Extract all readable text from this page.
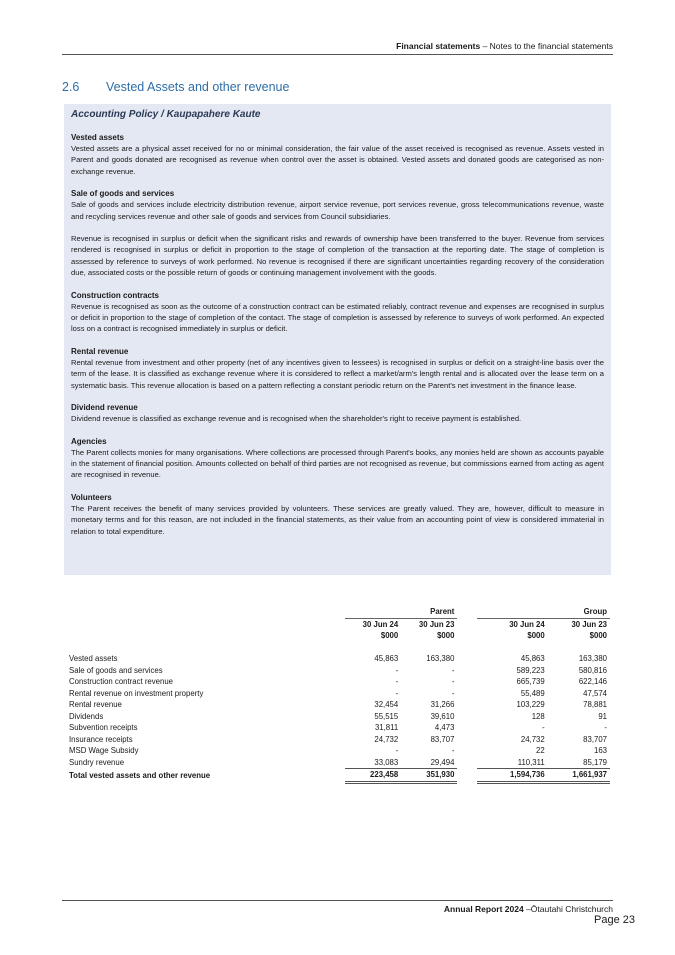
Financial statements – Notes to the financial statements
2.6 Vested Assets and other revenue
Accounting Policy / Kaupapahere Kaute
Vested assets

Vested assets are a physical asset received for no or minimal consideration, the fair value of the asset received is recognised as revenue. Assets vested in Parent and goods donated are recognised as revenue when control over the asset is obtained. Vested assets and donated goods are categorised as non-exchange revenue.

Sale of goods and services

Sale of goods and services include electricity distribution revenue, airport service revenue, port services revenue, gross telecommunications revenue, waste and recycling services revenue and other sale of goods and services from Council subsidiaries.

Revenue is recognised in surplus or deficit when the significant risks and rewards of ownership have been transferred to the buyer. Revenue from services rendered is recognised in surplus or deficit in proportion to the stage of completion of the transaction at the reporting date. The stage of completion is assessed by reference to surveys of work performed. No revenue is recognised if there are significant uncertainties regarding recovery of the consideration due, associated costs or the possible return of goods or continuing management involvement with the goods.

Construction contracts

Revenue is recognised as soon as the outcome of a construction contract can be estimated reliably, contract revenue and expenses are recognised in surplus or deficit in proportion to the stage of completion of the contact. The stage of completion is assessed by reference to surveys of work performed. An expected loss on a contract is recognised immediately in surplus or deficit.

Rental revenue

Rental revenue from investment and other property (net of any incentives given to lessees) is recognised in surplus or deficit on a straight-line basis over the term of the lease. It is classified as exchange revenue where it is considered to reflect a market/arm's length rental and is allocated over the lease term on a systematic basis. This revenue allocation is based on a pattern reflecting a constant periodic return on the Parent's net investment in the finance lease.

Dividend revenue

Dividend revenue is classified as exchange revenue and is recognised when the shareholder's right to receive payment is established.

Agencies

The Parent collects monies for many organisations. Where collections are processed through Parent's books, any monies held are shown as accounts payable in the statement of financial position. Amounts collected on behalf of third parties are not recognised as revenue, but commissions earned from acting as agent are recognised in revenue.

Volunteers

The Parent receives the benefit of many services provided by volunteers. These services are greatly valued. They are, however, difficult to measure in monetary terms and for this reason, are not included in the financial statements, as their value from an accounting point of view is considered immaterial in relation to total expenditure.

	Parent			Group	
	30 Jun 24	30 Jun 23		30 Jun 24	30 Jun 23
	$000	$000		$000	$000

Vested assets	45,863	163,380		45,863	163,380
Sale of goods and services	-	-		589,223	580,816
Construction contract revenue	-	-		665,739	622,146
Rental revenue on investment property	-	-		55,489	47,574
Rental revenue	32,454	31,266		103,229	78,881
Dividends	55,515	39,610		128	91
Subvention receipts	31,811	4,473		-	-
Insurance receipts	24,732	83,707		24,732	83,707
MSD Wage Subsidy	-	-		22	163
Sundry revenue	33,083	29,494		110,311	85,179
Total vested assets and other revenue	223,458	351,930		1,594,736	1,661,937
Annual Report 2024 –Ōtautahi Christchurch
Page 23
